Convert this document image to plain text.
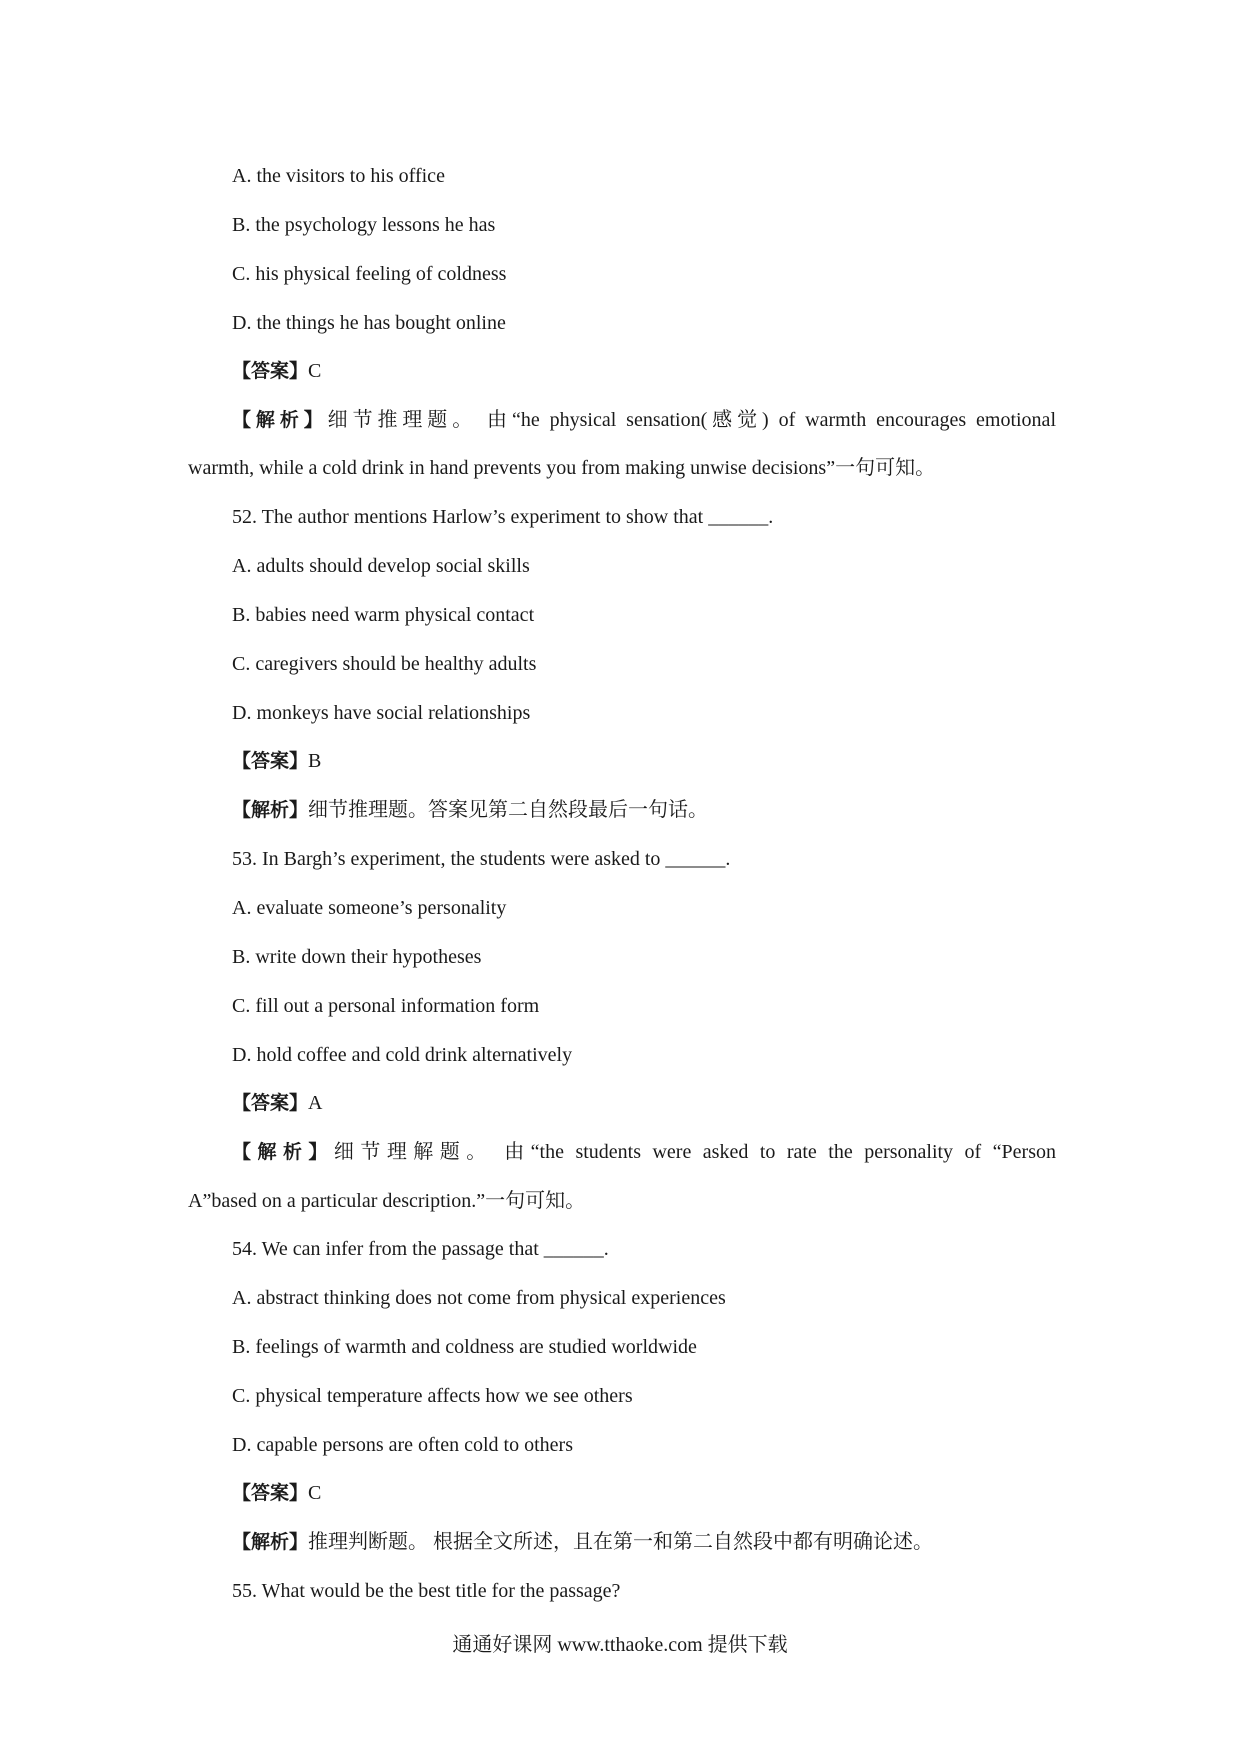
A. the visitors to his office
B. the psychology lessons he has
C. his physical feeling of coldness
D. the things he has bought online
【答案】C
【解析】细节推理题。 由“he physical sensation(感觉) of warmth encourages emotional
warmth, while a cold drink in hand prevents you from making unwise decisions”一句可知。
52. The author mentions Harlow’s experiment to show that ______.
A. adults should develop social skills
B. babies need warm physical contact
C. caregivers should be healthy adults
D. monkeys have social relationships
【答案】B
【解析】细节推理题。答案见第二自然段最后一句话。
53. In Bargh’s experiment, the students were asked to ______.
A. evaluate someone’s personality
B. write down their hypotheses
C. fill out a personal information form
D. hold coffee and cold drink alternatively
【答案】A
【解析】细节理解题。 由“the students were asked to rate the personality of “Person
A”based on a particular description.”一句可知。
54. We can infer from the passage that ______.
A. abstract thinking does not come from physical experiences
B. feelings of warmth and coldness are studied worldwide
C. physical temperature affects how we see others
D. capable persons are often cold to others
【答案】C
【解析】推理判断题。 根据全文所述，且在第一和第二自然段中都有明确论述。
55. What would be the best title for the passage?
通通好课网 www.tthaoke.com 提供下载
